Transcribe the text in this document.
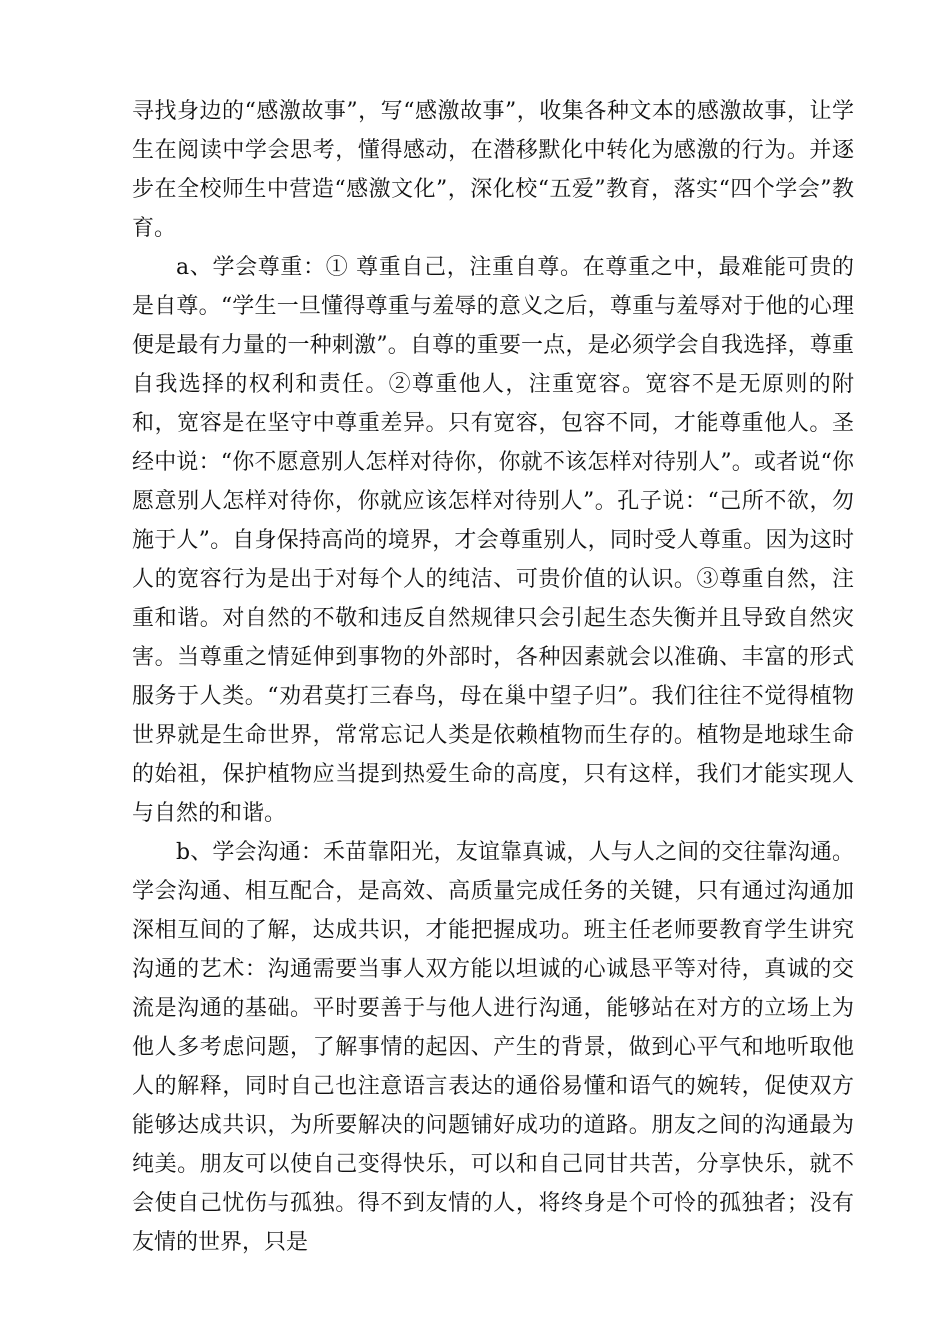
寻找身边的“感激故事”，写“感激故事”，收集各种文本的感激故事，让学生在阅读中学会思考，懂得感动，在潜移默化中转化为感激的行为。并逐步在全校师生中营造“感激文化”，深化校“五爱”教育，落实“四个学会”教育。

a、学会尊重：① 尊重自己，注重自尊。在尊重之中，最难能可贵的是自尊。“学生一旦懂得尊重与羞辱的意义之后，尊重与羞辱对于他的心理便是最有力量的一种刺激”。自尊的重要一点，是必须学会自我选择，尊重自我选择的权利和责任。②尊重他人，注重宽容。宽容不是无原则的附和，宽容是在坚守中尊重差异。只有宽容，包容不同，才能尊重他人。圣经中说：“你不愿意别人怎样对待你，你就不该怎样对待别人”。或者说“你愿意别人怎样对待你，你就应该怎样对待别人”。孔子说：“己所不欲，勿施于人”。自身保持高尚的境界，才会尊重别人，同时受人尊重。因为这时人的宽容行为是出于对每个人的纯洁、可贵价值的认识。③尊重自然，注重和谐。对自然的不敬和违反自然规律只会引起生态失衡并且导致自然灾害。当尊重之情延伸到事物的外部时，各种因素就会以准确、丰富的形式服务于人类。“劝君莫打三春鸟，母在巢中望子归”。我们往往不觉得植物世界就是生命世界，常常忘记人类是依赖植物而生存的。植物是地球生命的始祖，保护植物应当提到热爱生命的高度，只有这样，我们才能实现人与自然的和谐。

b、学会沟通：禾苗靠阳光，友谊靠真诚，人与人之间的交往靠沟通。学会沟通、相互配合，是高效、高质量完成任务的关键，只有通过沟通加深相互间的了解，达成共识，才能把握成功。班主任老师要教育学生讲究沟通的艺术：沟通需要当事人双方能以坦诚的心诚恳平等对待，真诚的交流是沟通的基础。平时要善于与他人进行沟通，能够站在对方的立场上为他人多考虑问题，了解事情的起因、产生的背景，做到心平气和地听取他人的解释，同时自己也注意语言表达的通俗易懂和语气的婉转，促使双方能够达成共识，为所要解决的问题铺好成功的道路。朋友之间的沟通最为纯美。朋友可以使自己变得快乐，可以和自己同甘共苦，分享快乐，就不会使自己忧伤与孤独。得不到友情的人，将终身是个可怜的孤独者；没有友情的世界，只是
